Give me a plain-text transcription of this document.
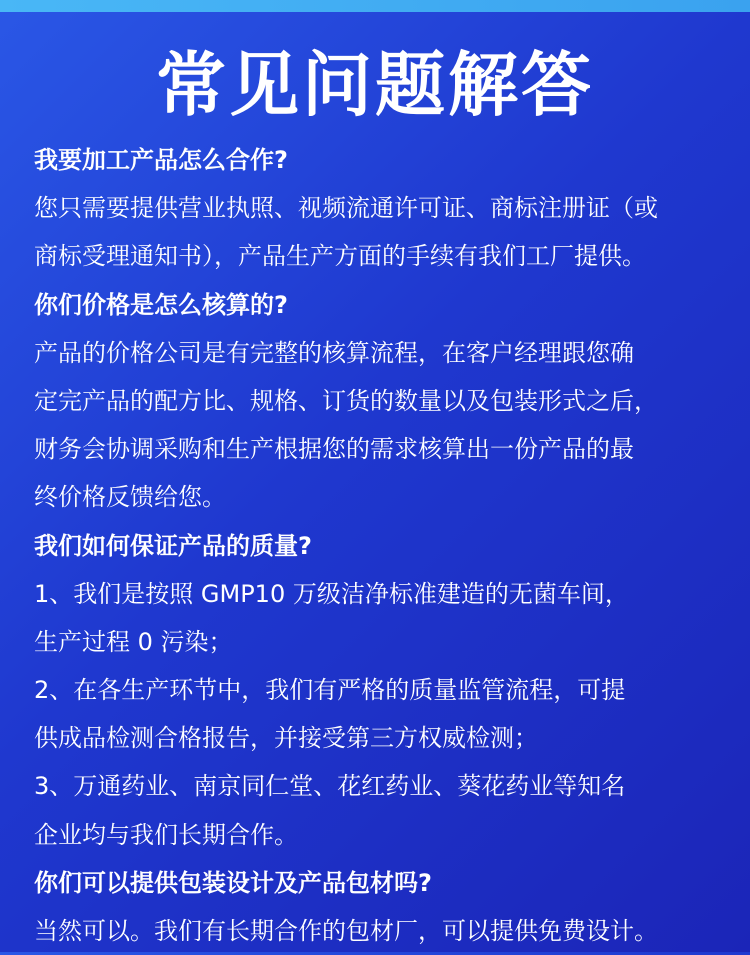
常见问题解答
我要加工产品怎么合作?
您只需要提供营业执照、视频流通许可证、商标注册证（或
商标受理通知书），产品生产方面的手续有我们工厂提供。
你们价格是怎么核算的?
产品的价格公司是有完整的核算流程，在客户经理跟您确
定完产品的配方比、规格、订货的数量以及包装形式之后，
财务会协调采购和生产根据您的需求核算出一份产品的最
终价格反馈给您。
我们如何保证产品的质量?
1、我们是按照 GMP10 万级洁净标准建造的无菌车间，
生产过程 0 污染；
2、在各生产环节中，我们有严格的质量监管流程，可提
供成品检测合格报告，并接受第三方权威检测；
3、万通药业、南京同仁堂、花红药业、葵花药业等知名
企业均与我们长期合作。
你们可以提供包装设计及产品包材吗?
当然可以。我们有长期合作的包材厂，可以提供免费设计。
